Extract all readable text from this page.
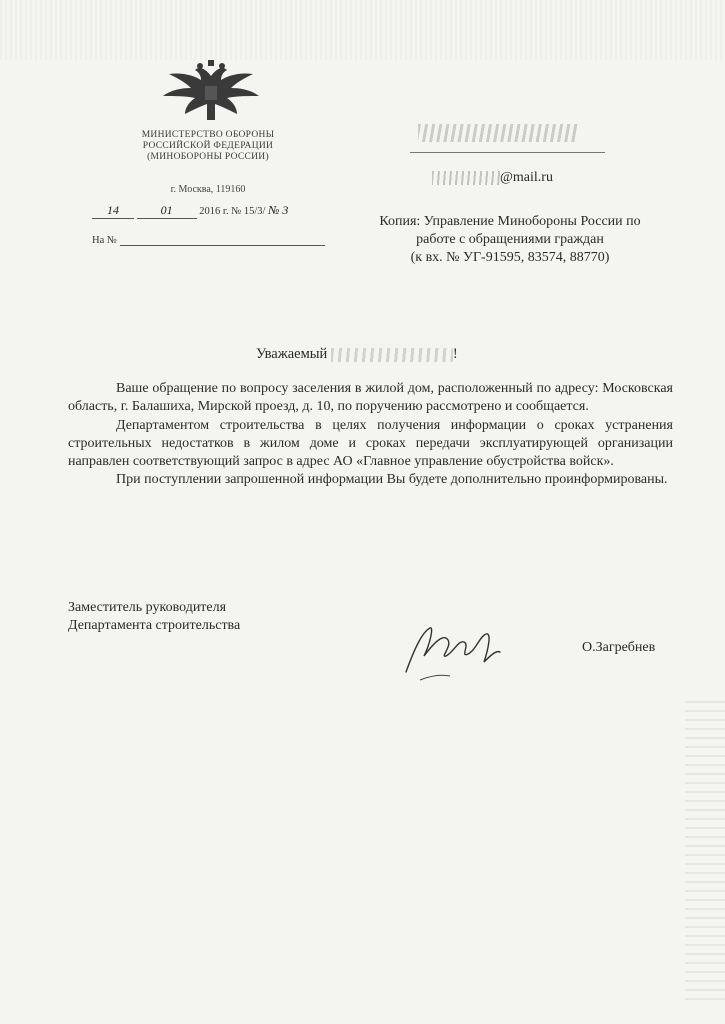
МИНИСТЕРСТВО ОБОРОНЫ
РОССИЙСКОЙ ФЕДЕРАЦИИ
(МИНОБОРОНЫ РОССИИ)
г. Москва, 119160
14	01	2016 г. № 15/3/ № 3
На №
@mail.ru
Копия: Управление Минобороны России по
работе с обращениями граждан
(к вх. № УГ-91595, 83574, 88770)
Уважаемый	!

Ваше обращение по вопросу заселения в жилой дом, расположенный по адресу: Московская область, г. Балашиха, Мирской проезд, д. 10, по поручению рассмотрено и сообщается.

Департаментом строительства в целях получения информации о сроках устранения строительных недостатков в жилом доме и сроках передачи эксплуатирующей организации направлен соответствующий запрос в адрес АО «Главное управление обустройства войск».

При поступлении запрошенной информации Вы будете дополнительно проинформированы.

Заместитель руководителя
Департамента строительства
О.Загребнев
